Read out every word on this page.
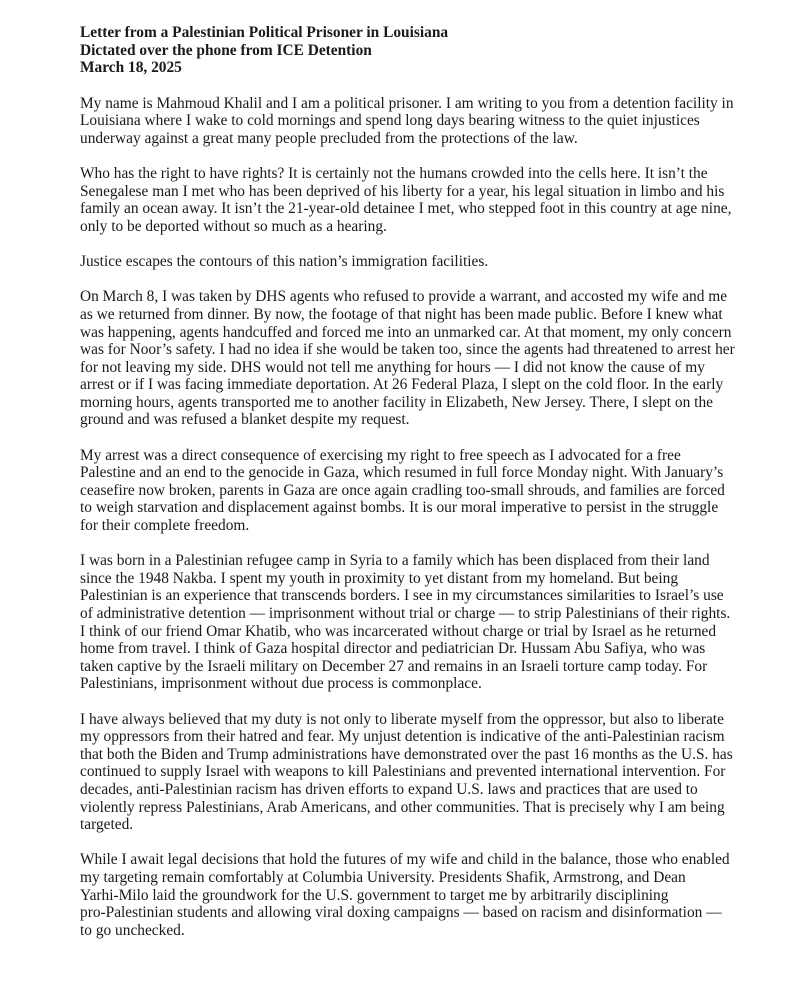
Letter from a Palestinian Political Prisoner in Louisiana
Dictated over the phone from ICE Detention
March 18, 2025
My name is Mahmoud Khalil and I am a political prisoner. I am writing to you from a detention facility in
Louisiana where I wake to cold mornings and spend long days bearing witness to the quiet injustices
underway against a great many people precluded from the protections of the law.
Who has the right to have rights? It is certainly not the humans crowded into the cells here. It isn’t the
Senegalese man I met who has been deprived of his liberty for a year, his legal situation in limbo and his
family an ocean away. It isn’t the 21-year-old detainee I met, who stepped foot in this country at age nine,
only to be deported without so much as a hearing.
Justice escapes the contours of this nation’s immigration facilities.
On March 8, I was taken by DHS agents who refused to provide a warrant, and accosted my wife and me
as we returned from dinner. By now, the footage of that night has been made public. Before I knew what
was happening, agents handcuffed and forced me into an unmarked car. At that moment, my only concern
was for Noor’s safety. I had no idea if she would be taken too, since the agents had threatened to arrest her
for not leaving my side. DHS would not tell me anything for hours — I did not know the cause of my
arrest or if I was facing immediate deportation. At 26 Federal Plaza, I slept on the cold floor. In the early
morning hours, agents transported me to another facility in Elizabeth, New Jersey. There, I slept on the
ground and was refused a blanket despite my request.
My arrest was a direct consequence of exercising my right to free speech as I advocated for a free
Palestine and an end to the genocide in Gaza, which resumed in full force Monday night. With January’s
ceasefire now broken, parents in Gaza are once again cradling too-small shrouds, and families are forced
to weigh starvation and displacement against bombs. It is our moral imperative to persist in the struggle
for their complete freedom.
I was born in a Palestinian refugee camp in Syria to a family which has been displaced from their land
since the 1948 Nakba. I spent my youth in proximity to yet distant from my homeland. But being
Palestinian is an experience that transcends borders. I see in my circumstances similarities to Israel’s use
of administrative detention — imprisonment without trial or charge — to strip Palestinians of their rights.
I think of our friend Omar Khatib, who was incarcerated without charge or trial by Israel as he returned
home from travel. I think of Gaza hospital director and pediatrician Dr. Hussam Abu Safiya, who was
taken captive by the Israeli military on December 27 and remains in an Israeli torture camp today. For
Palestinians, imprisonment without due process is commonplace.
I have always believed that my duty is not only to liberate myself from the oppressor, but also to liberate
my oppressors from their hatred and fear. My unjust detention is indicative of the anti-Palestinian racism
that both the Biden and Trump administrations have demonstrated over the past 16 months as the U.S. has
continued to supply Israel with weapons to kill Palestinians and prevented international intervention. For
decades, anti-Palestinian racism has driven efforts to expand U.S. laws and practices that are used to
violently repress Palestinians, Arab Americans, and other communities. That is precisely why I am being
targeted.
While I await legal decisions that hold the futures of my wife and child in the balance, those who enabled
my targeting remain comfortably at Columbia University. Presidents Shafik, Armstrong, and Dean
Yarhi-Milo laid the groundwork for the U.S. government to target me by arbitrarily disciplining
pro-Palestinian students and allowing viral doxing campaigns — based on racism and disinformation —
to go unchecked.
